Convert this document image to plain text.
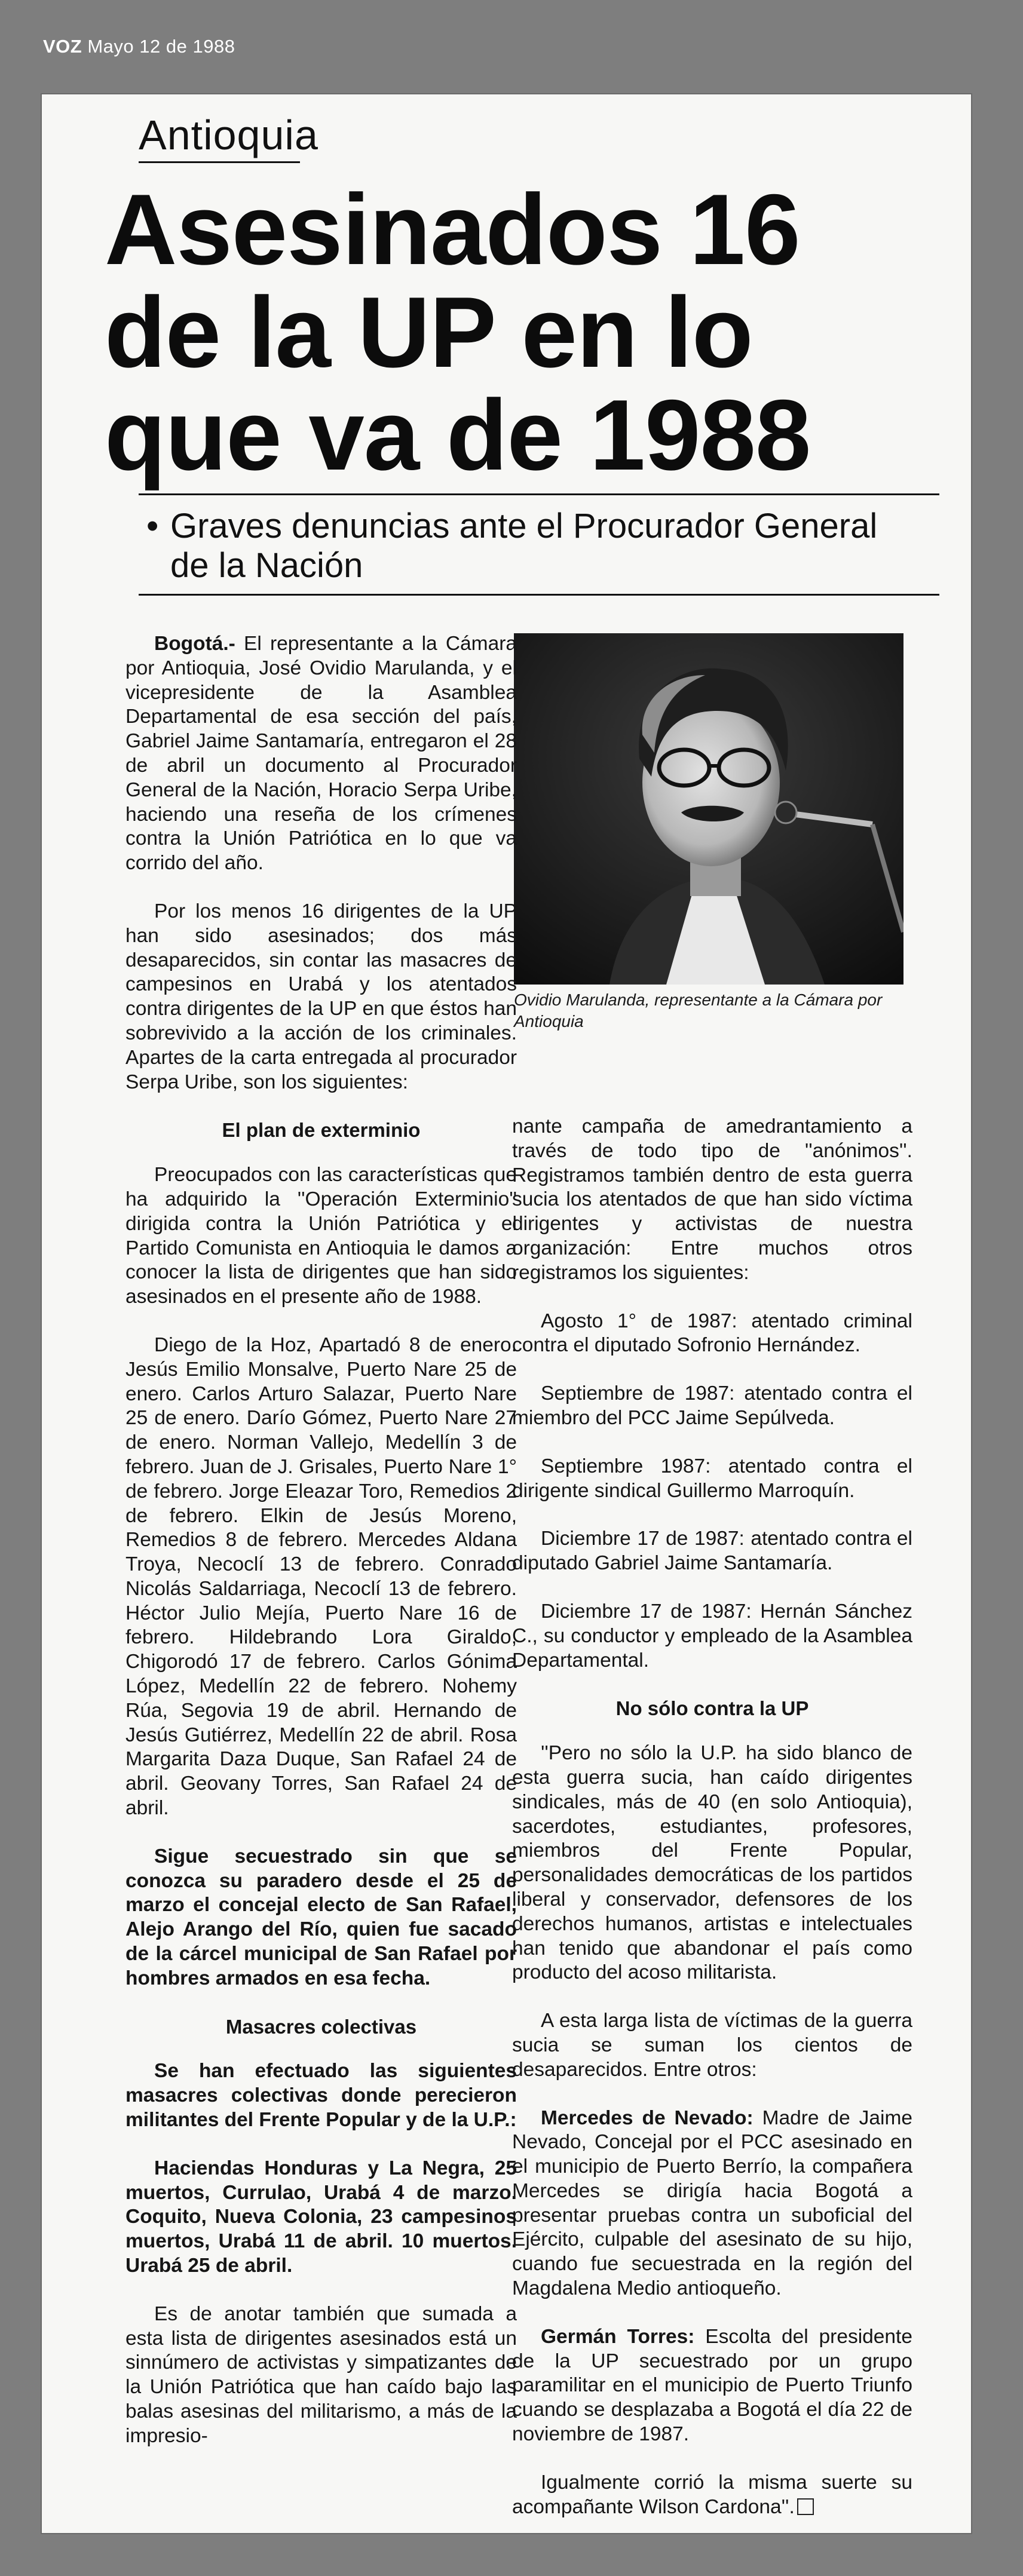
VOZ Mayo 12 de 1988
Antioquia
Asesinados 16
de la UP en lo
que va de 1988
• Graves denuncias ante el Procurador General
de la Nación
Ovidio Marulanda, representante a la Cámara por Antioquia

Bogotá.- El representante a la Cámara por Antioquia, José Ovidio Marulanda, y el vicepresidente de la Asamblea Departamental de esa sección del país, Gabriel Jaime Santamaría, entregaron el 28 de abril un documento al Procurador General de la Nación, Horacio Serpa Uribe, haciendo una reseña de los crímenes contra la Unión Patriótica en lo que va corrido del año.

Por los menos 16 dirigentes de la UP han sido asesinados; dos más desaparecidos, sin contar las masacres de campesinos en Urabá y los atentados contra dirigentes de la UP en que éstos han sobrevivido a la acción de los criminales. Apartes de la carta entregada al procurador Serpa Uribe, son los siguientes:

El plan de exterminio

Preocupados con las características que ha adquirido la ''Operación Exterminio'' dirigida contra la Unión Patriótica y el Partido Comunista en Antioquia le damos a conocer la lista de dirigentes que han sido asesinados en el presente año de 1988.

Diego de la Hoz, Apartadó 8 de enero. Jesús Emilio Monsalve, Puerto Nare 25 de enero. Carlos Arturo Salazar, Puerto Nare 25 de enero. Darío Gómez, Puerto Nare 27 de enero. Norman Vallejo, Medellín 3 de febrero. Juan de J. Grisales, Puerto Nare 1° de febrero. Jorge Eleazar Toro, Remedios 2 de febrero. Elkin de Jesús Moreno, Remedios 8 de febrero. Mercedes Aldana Troya, Necoclí 13 de febrero. Conrado Nicolás Saldarriaga, Necoclí 13 de febrero. Héctor Julio Mejía, Puerto Nare 16 de febrero. Hildebrando Lora Giraldo, Chigorodó 17 de febrero. Carlos Gónima López, Medellín 22 de febrero. Nohemy Rúa, Segovia 19 de abril. Hernando de Jesús Gutiérrez, Medellín 22 de abril. Rosa Margarita Daza Duque, San Rafael 24 de abril. Geovany Torres, San Rafael 24 de abril.

Sigue secuestrado sin que se conozca su paradero desde el 25 de marzo el concejal electo de San Rafael, Alejo Arango del Río, quien fue sacado de la cárcel municipal de San Rafael por hombres armados en esa fecha.

Masacres colectivas

Se han efectuado las siguientes masacres colectivas donde perecieron militantes del Frente Popular y de la U.P.:

Haciendas Honduras y La Negra, 25 muertos, Currulao, Urabá 4 de marzo. Coquito, Nueva Colonia, 23 campesinos muertos, Urabá 11 de abril. 10 muertos. Urabá 25 de abril.

Es de anotar también que sumada a esta lista de dirigentes asesinados está un sinnúmero de activistas y simpatizantes de la Unión Patriótica que han caído bajo las balas asesinas del militarismo, a más de la impresio-

nante campaña de amedrantamiento a través de todo tipo de ''anónimos''. Registramos también dentro de esta guerra sucia los atentados de que han sido víctima dirigentes y activistas de nuestra organización: Entre muchos otros registramos los siguientes:

Agosto 1° de 1987: atentado criminal contra el diputado Sofronio Hernández.

Septiembre de 1987: atentado contra el miembro del PCC Jaime Sepúlveda.

Septiembre 1987: atentado contra el dirigente sindical Guillermo Marroquín.

Diciembre 17 de 1987: atentado contra el diputado Gabriel Jaime Santamaría.

Diciembre 17 de 1987: Hernán Sánchez C., su conductor y empleado de la Asamblea Departamental.

No sólo contra la UP

''Pero no sólo la U.P. ha sido blanco de esta guerra sucia, han caído dirigentes sindicales, más de 40 (en solo Antioquia), sacerdotes, estudiantes, profesores, miembros del Frente Popular, personalidades democráticas de los partidos liberal y conservador, defensores de los derechos humanos, artistas e intelectuales han tenido que abandonar el país como producto del acoso militarista.

A esta larga lista de víctimas de la guerra sucia se suman los cientos de desaparecidos. Entre otros:

Mercedes de Nevado: Madre de Jaime Nevado, Concejal por el PCC asesinado en el municipio de Puerto Berrío, la compañera Mercedes se dirigía hacia Bogotá a presentar pruebas contra un suboficial del Ejército, culpable del asesinato de su hijo, cuando fue secuestrada en la región del Magdalena Medio antioqueño.

Germán Torres: Escolta del presidente de la UP secuestrado por un grupo paramilitar en el municipio de Puerto Triunfo cuando se desplazaba a Bogotá el día 22 de noviembre de 1987.

Igualmente corrió la misma suerte su acompañante Wilson Cardona''.
